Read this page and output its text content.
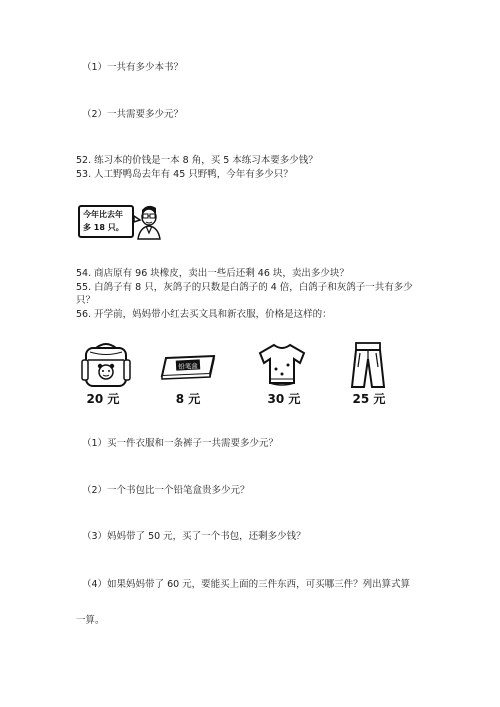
（1）一共有多少本书？
（2）一共需要多少元？
52. 练习本的价钱是一本 8 角，买 5 本练习本要多少钱？
53. 人工野鸭岛去年有 45 只野鸭，今年有多少只？
今年比去年
多 18 只。
54. 商店原有 96 块橡皮，卖出一些后还剩 46 块，卖出多少块？
55. 白鸽子有 8 只，灰鸽子的只数是白鸽子的 4 倍，白鸽子和灰鸽子一共有多少
只？
56. 开学前，妈妈带小红去买文具和新衣服，价格是这样的：
20 元
铅笔盒
8 元	30 元	25 元
（1）买一件衣服和一条裤子一共需要多少元？
（2）一个书包比一个铅笔盒贵多少元？
（3）妈妈带了 50 元，买了一个书包，还剩多少钱？
（4）如果妈妈带了 60 元，要能买上面的三件东西，可买哪三件？列出算式算
一算。
